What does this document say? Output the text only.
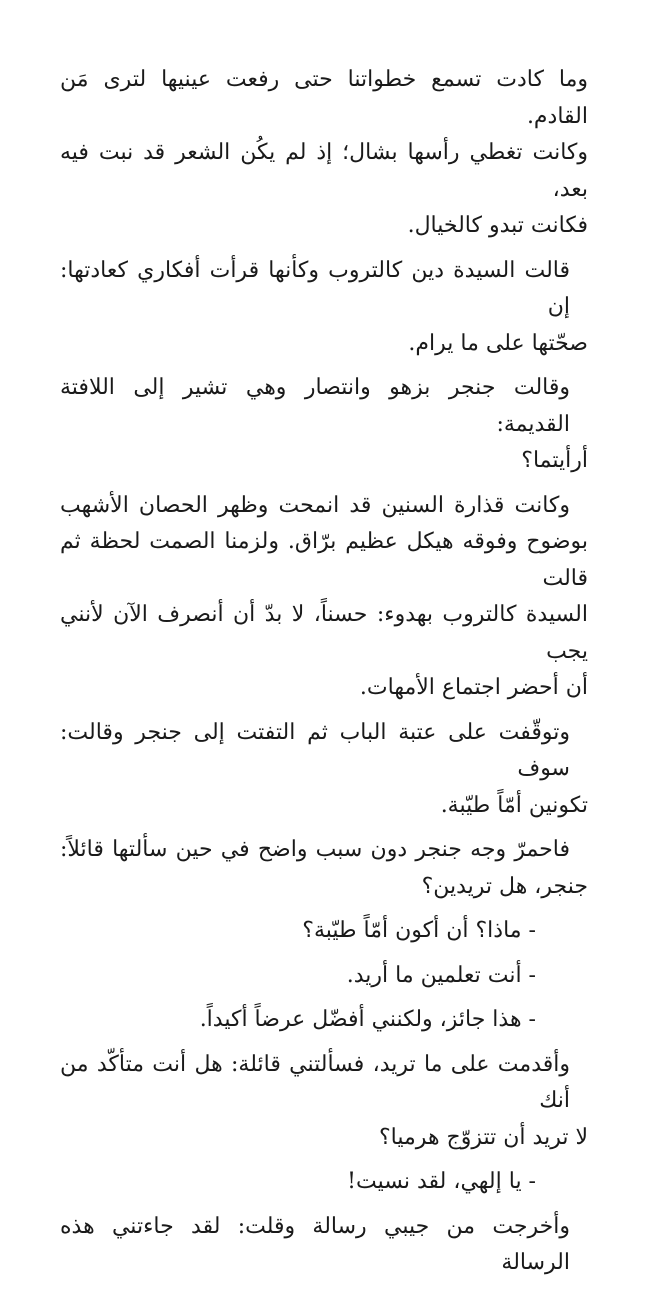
وما كادت تسمع خطواتنا حتى رفعت عينيها لترى مَن القادم.
وكانت تغطي رأسها بشال؛ إذ لم يكُن الشعر قد نبت فيه بعد،
فكانت تبدو كالخيال.

قالت السيدة دين كالتروب وكأنها قرأت أفكاري كعادتها: إن
صحّتها على ما يرام.

وقالت جنجر بزهو وانتصار وهي تشير إلى اللافتة القديمة:
أرأيتما؟

وكانت قذارة السنين قد انمحت وظهر الحصان الأشهب
بوضوح وفوقه هيكل عظيم برّاق. ولزمنا الصمت لحظة ثم قالت
السيدة كالتروب بهدوء: حسناً، لا بدّ أن أنصرف الآن لأنني يجب
أن أحضر اجتماع الأمهات.

وتوقّفت على عتبة الباب ثم التفتت إلى جنجر وقالت: سوف
تكونين أمّاً طيّبة.

فاحمرّ وجه جنجر دون سبب واضح في حين سألتها قائلاً:
جنجر، هل تريدين؟

- ماذا؟ أن أكون أمّاً طيّبة؟

- أنت تعلمين ما أريد.

- هذا جائز، ولكنني أفضّل عرضاً أكيداً.

وأقدمت على ما تريد، فسألتني قائلة: هل أنت متأكّد من أنك
لا تريد أن تتزوّج هرميا؟

- يا إلهي، لقد نسيت!

وأخرجت من جيبي رسالة وقلت: لقد جاءتني هذه الرسالة
